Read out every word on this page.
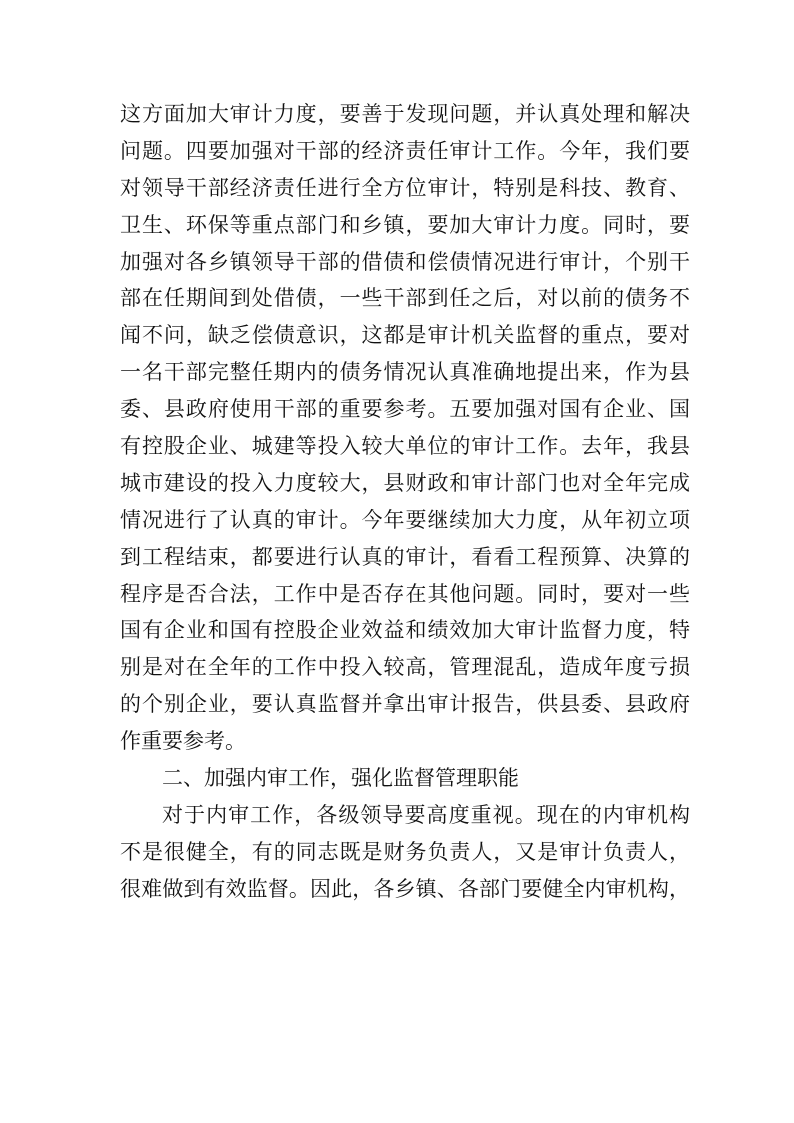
这方面加大审计力度，要善于发现问题，并认真处理和解决
问题。四要加强对干部的经济责任审计工作。今年，我们要
对领导干部经济责任进行全方位审计，特别是科技、教育、
卫生、环保等重点部门和乡镇，要加大审计力度。同时，要
加强对各乡镇领导干部的借债和偿债情况进行审计，个别干
部在任期间到处借债，一些干部到任之后，对以前的债务不
闻不问，缺乏偿债意识，这都是审计机关监督的重点，要对
一名干部完整任期内的债务情况认真准确地提出来，作为县
委、县政府使用干部的重要参考。五要加强对国有企业、国
有控股企业、城建等投入较大单位的审计工作。去年，我县
城市建设的投入力度较大，县财政和审计部门也对全年完成
情况进行了认真的审计。今年要继续加大力度，从年初立项
到工程结束，都要进行认真的审计，看看工程预算、决算的
程序是否合法，工作中是否存在其他问题。同时，要对一些
国有企业和国有控股企业效益和绩效加大审计监督力度，特
别是对在全年的工作中投入较高，管理混乱，造成年度亏损
的个别企业，要认真监督并拿出审计报告，供县委、县政府
作重要参考。
二、加强内审工作，强化监督管理职能
对于内审工作，各级领导要高度重视。现在的内审机构
不是很健全，有的同志既是财务负责人，又是审计负责人，
很难做到有效监督。因此，各乡镇、各部门要健全内审机构，
